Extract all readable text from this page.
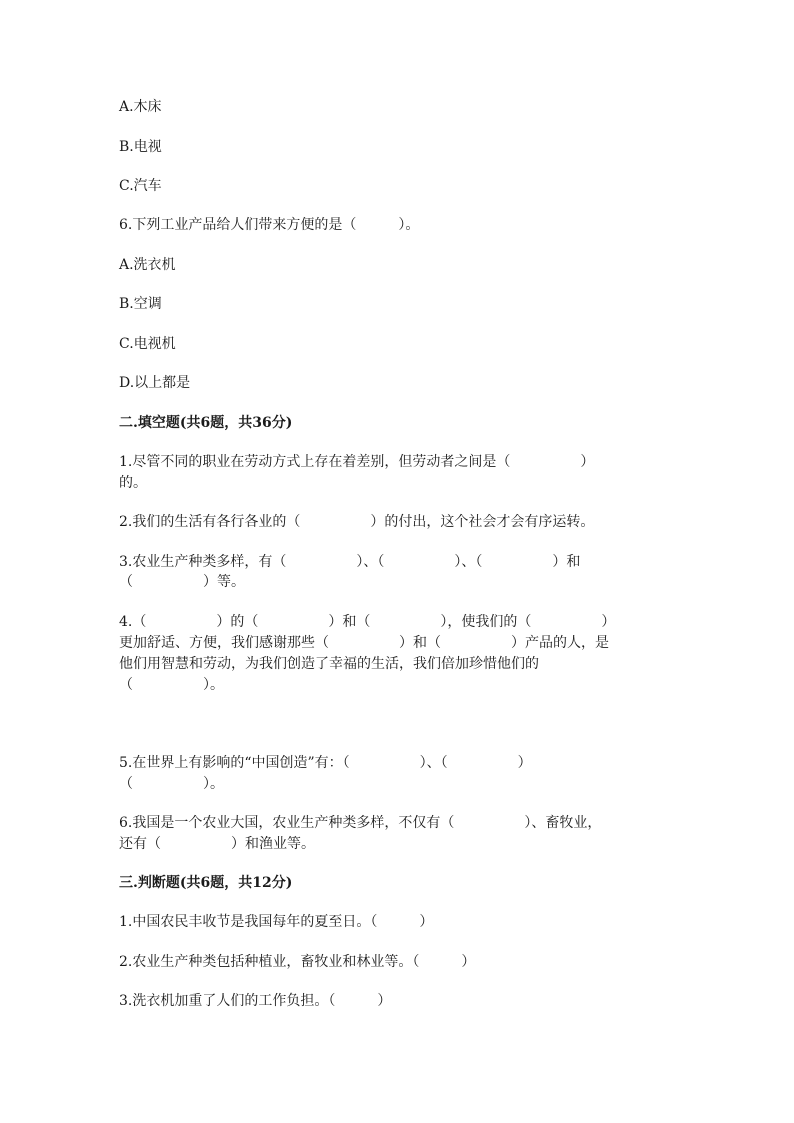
A.木床
B.电视
C.汽车
6.下列工业产品给人们带来方便的是（　　　）。
A.洗衣机
B.空调
C.电视机
D.以上都是
二.填空题(共6题，共36分)
1.尽管不同的职业在劳动方式上存在着差别，但劳动者之间是（　　　　　）
的。
2.我们的生活有各行各业的（　　　　　）的付出，这个社会才会有序运转。
3.农业生产种类多样，有（　　　　　）、（　　　　　）、（　　　　　）和
（　　　　　）等。
4.（　　　　　）的（　　　　　）和（　　　　　），使我们的（　　　　　）
更加舒适、方便，我们感谢那些（　　　　　）和（　　　　　）产品的人，是
他们用智慧和劳动，为我们创造了幸福的生活，我们倍加珍惜他们的
（　　　　　）。
5.在世界上有影响的“中国创造”有：（　　　　　）、（　　　　　）
（　　　　　）。
6.我国是一个农业大国，农业生产种类多样，不仅有（　　　　　）、畜牧业，
还有（　　　　　）和渔业等。
三.判断题(共6题，共12分)
1.中国农民丰收节是我国每年的夏至日。（　　　）
2.农业生产种类包括种植业，畜牧业和林业等。（　　　）
3.洗衣机加重了人们的工作负担。（　　　）
